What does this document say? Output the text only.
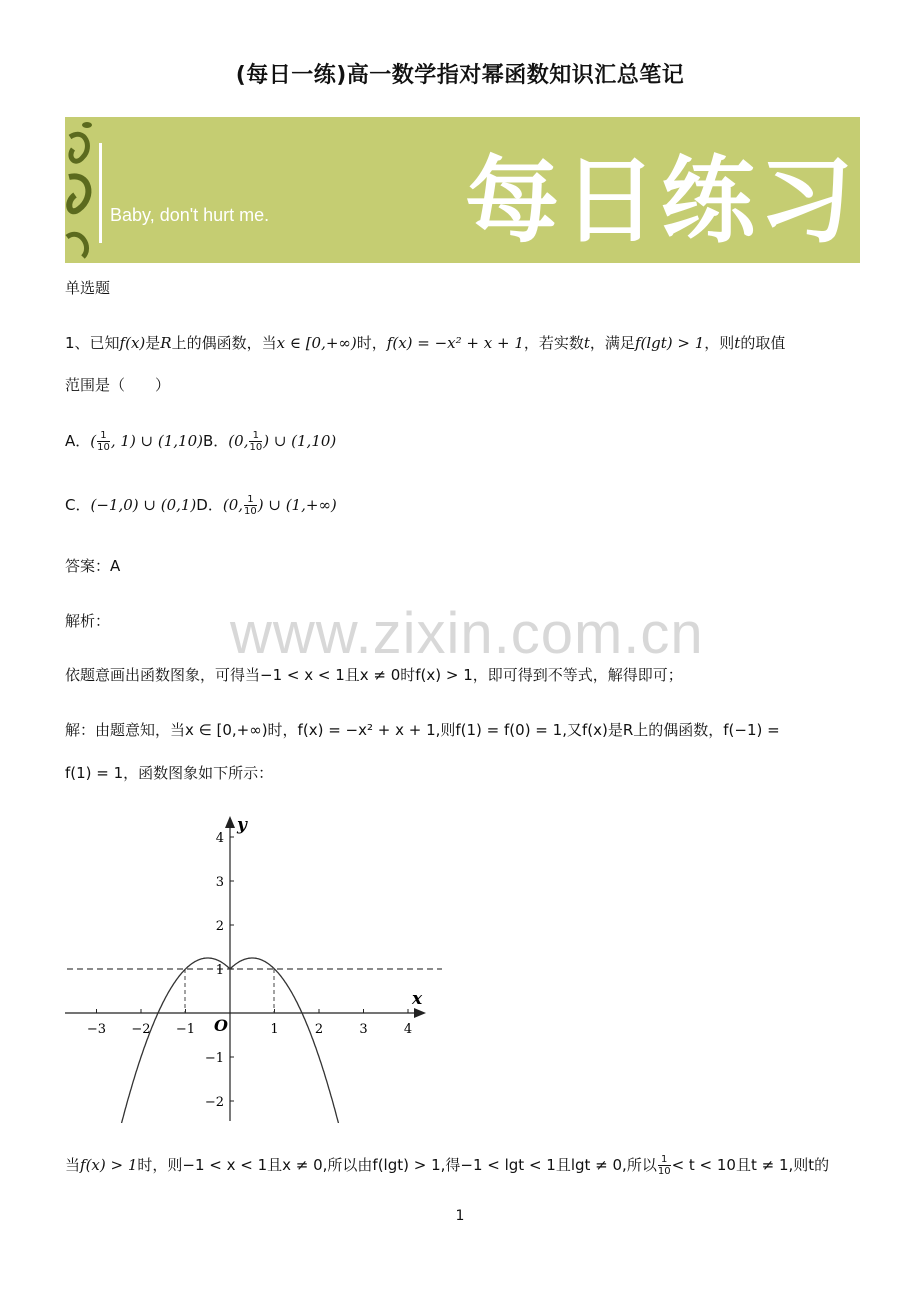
(每日一练)高一数学指对幂函数知识汇总笔记
Baby, don't hurt me. 每日练习
单选题
1、已知f(x)是R上的偶函数，当x ∈ [0,+∞)时，f(x) = −x² + x + 1，若实数t，满足f(lgt) > 1，则t的取值
范围是（　　）
A．( $\frac{1}{10}$ , 1) ∪ (1,10)B．(0, $\frac{1}{10}$ ) ∪ (1,10)
C．(−1,0) ∪ (0,1)D．(0, $\frac{1}{10}$ ) ∪ (1,+∞)
答案：A
解析： www.zixin.com.cn
依题意画出函数图象，可得当−1 < x < 1且x ≠ 0时f(x) > 1，即可得到不等式，解得即可；
解：由题意知，当x ∈ [0,+∞)时，f(x) = −x² + x + 1,则f(1) = f(0) = 1,又f(x)是R上的偶函数，f(−1) =
f(1) = 1，函数图象如下所示：
−3 −2 −1	1	2	3	4
4
3
2
1
−1
−2
x
y
O
当f(x) > 1时，则−1 < x < 1且x ≠ 0,所以由f(lgt) > 1,得−1 < lgt < 1且lgt ≠ 0,所以 $\frac{1}{10} < t < 10$且t ≠ 1,则t的
1
